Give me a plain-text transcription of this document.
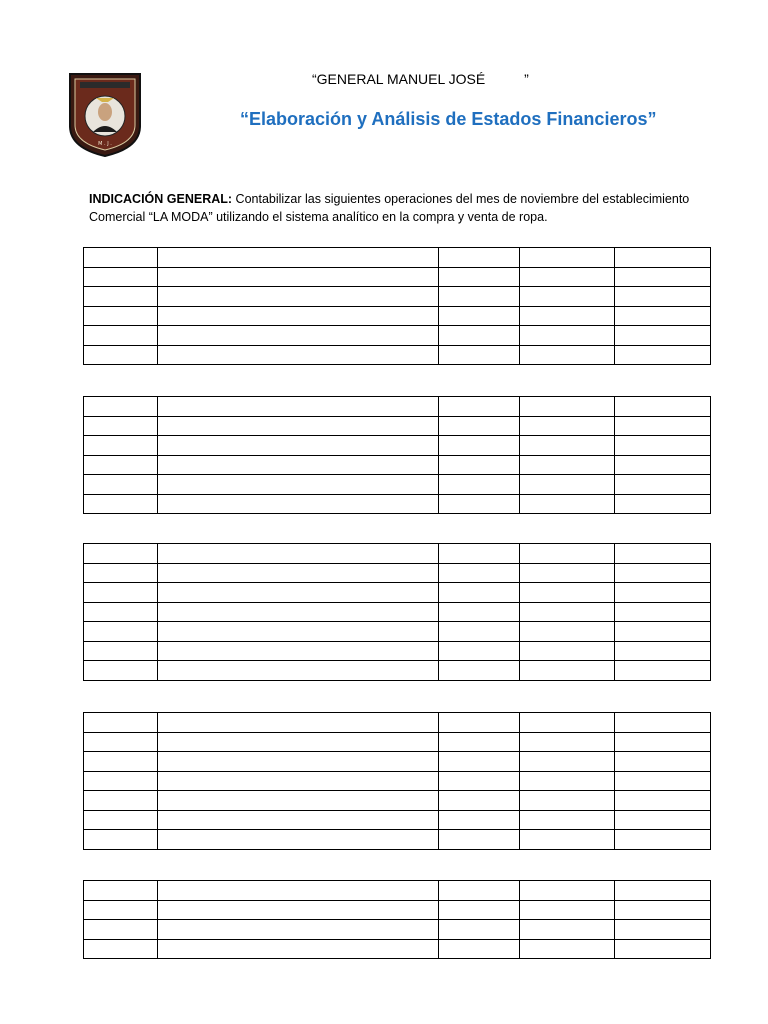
M . J .
“GENERAL MANUEL JOSÉ          ”
“Elaboración y Análisis de Estados Financieros”
INDICACIÓN GENERAL: Contabilizar las siguientes operaciones del mes de noviembre del establecimiento Comercial “LA MODA” utilizando el sistema analítico en la compra y venta de ropa.
